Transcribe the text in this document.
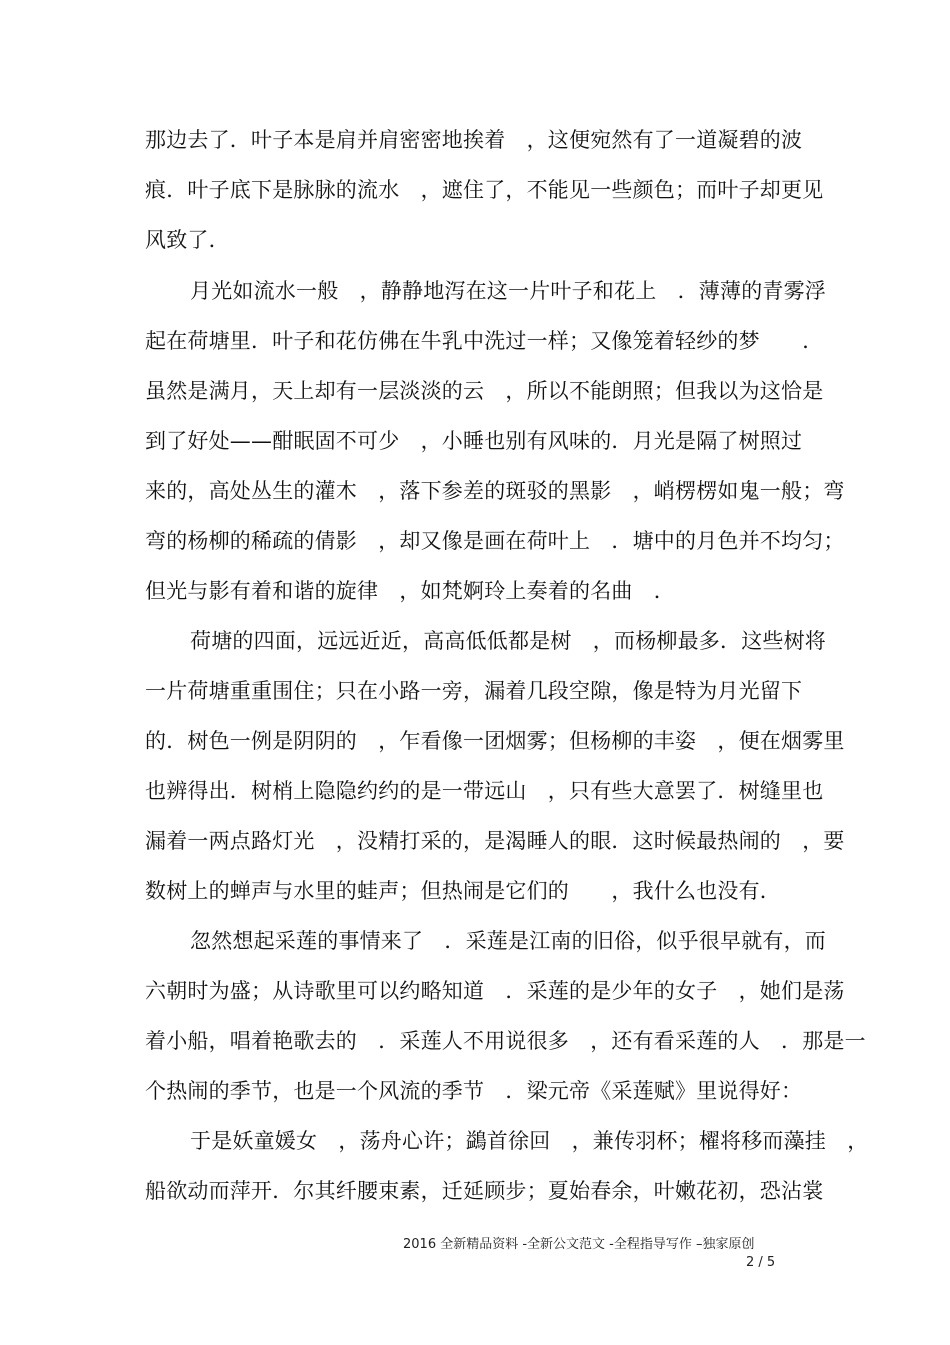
那边去了．叶子本是肩并肩密密地挨着　，这便宛然有了一道凝碧的波
痕．叶子底下是脉脉的流水　，遮住了，不能见一些颜色；而叶子却更见
风致了．
月光如流水一般　，静静地泻在这一片叶子和花上　．薄薄的青雾浮
起在荷塘里．叶子和花仿佛在牛乳中洗过一样；又像笼着轻纱的梦　　．
虽然是满月，天上却有一层淡淡的云　，所以不能朗照；但我以为这恰是
到了好处——酣眠固不可少　，小睡也别有风味的．月光是隔了树照过
来的，高处丛生的灌木　，落下参差的斑驳的黑影　，峭楞楞如鬼一般；弯
弯的杨柳的稀疏的倩影　，却又像是画在荷叶上　．塘中的月色并不均匀；
但光与影有着和谐的旋律　，如梵婀玲上奏着的名曲　．
荷塘的四面，远远近近，高高低低都是树　，而杨柳最多．这些树将
一片荷塘重重围住；只在小路一旁，漏着几段空隙，像是特为月光留下
的．树色一例是阴阴的　，乍看像一团烟雾；但杨柳的丰姿　，便在烟雾里
也辨得出．树梢上隐隐约约的是一带远山　，只有些大意罢了．树缝里也
漏着一两点路灯光　，没精打采的，是渴睡人的眼．这时候最热闹的　，要
数树上的蝉声与水里的蛙声；但热闹是它们的　　，我什么也没有．
忽然想起采莲的事情来了　．采莲是江南的旧俗，似乎很早就有，而
六朝时为盛；从诗歌里可以约略知道　．采莲的是少年的女子　，她们是荡
着小船，唱着艳歌去的　．采莲人不用说很多　，还有看采莲的人　．那是一
个热闹的季节，也是一个风流的季节　．梁元帝《采莲赋》里说得好：
于是妖童媛女　，荡舟心许；鷁首徐回　，兼传羽杯；櫂将移而藻挂　，
船欲动而萍开．尔其纤腰束素，迁延顾步；夏始春余，叶嫩花初，恐沾裳
2016 全新精品资料 -全新公文范文 -全程指导写作 –独家原创
2 / 5
